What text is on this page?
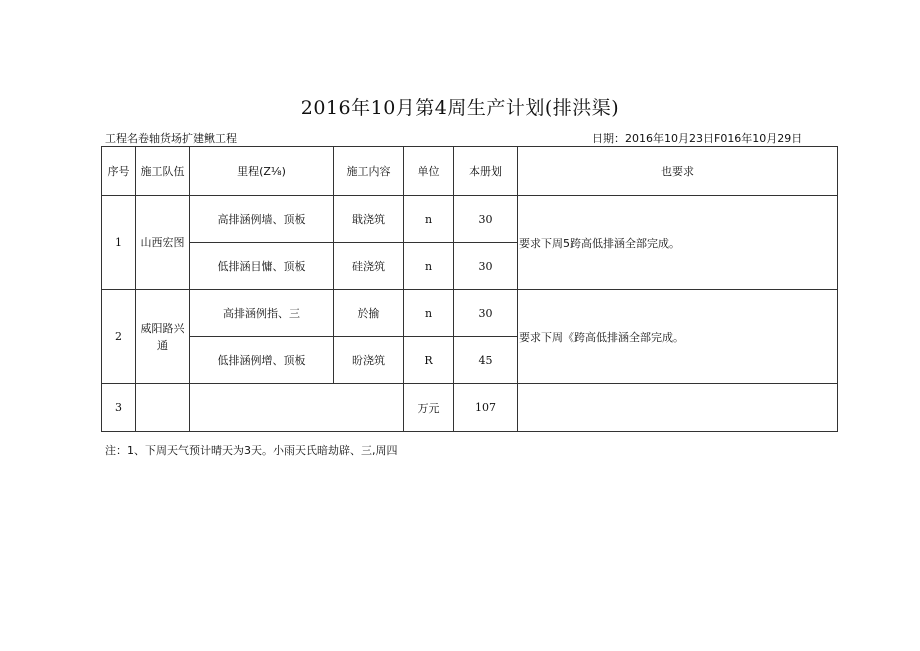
2016年10月第4周生产计划(排洪渠)
工程名卷轴货场扩建鳅工程	日期：2016年10月23日F016年10月29日
序号	施工队伍	里程(Z⅛)	施工内容	单位	本册划	也要求
1	山西宏图	高排涵例墙、顶板	戢浇筑	n	30	要求下周5跨高低排涵全部完成。
		低排涵目慵、顶板	硅浇筑	n	30	
2	威阳路兴通	高排涵例指、三	於揄	n	30	要求下周《跨高低排涵全部完成。
		低排涵例增、顶板	昐浇筑	R	45	
3				万元	107	
注：1、下周天气预计晴天为3天。小雨天氏暗劫辟、三,周四
